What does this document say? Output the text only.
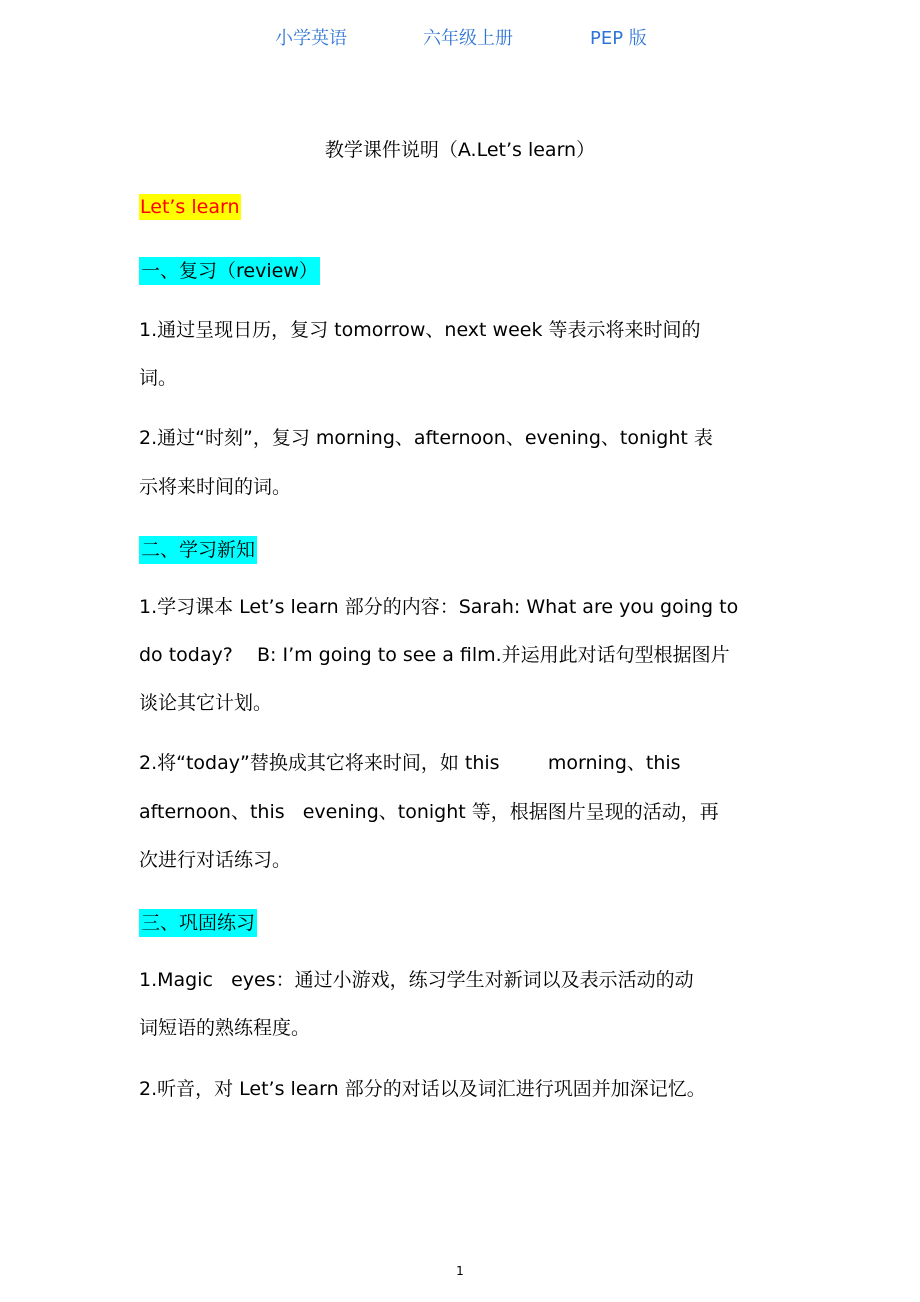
小学英语	六年级上册	PEP 版
教学课件说明（A.Let’s learn）
Let’s learn
一、复习（review）
1.通过呈现日历，复习 tomorrow、next week 等表示将来时间的
词。
2.通过“时刻”，复习 morning、afternoon、evening、tonight 表
示将来时间的词。
二、学习新知
1.学习课本 Let’s learn 部分的内容：Sarah: What are you going to
do today?    B: I’m going to see a film.并运用此对话句型根据图片
谈论其它计划。
2.将“today”替换成其它将来时间，如 this        morning、this
afternoon、this   evening、tonight 等，根据图片呈现的活动，再
次进行对话练习。
三、巩固练习
1.Magic   eyes：通过小游戏，练习学生对新词以及表示活动的动
词短语的熟练程度。
2.听音，对 Let’s learn 部分的对话以及词汇进行巩固并加深记忆。
1
